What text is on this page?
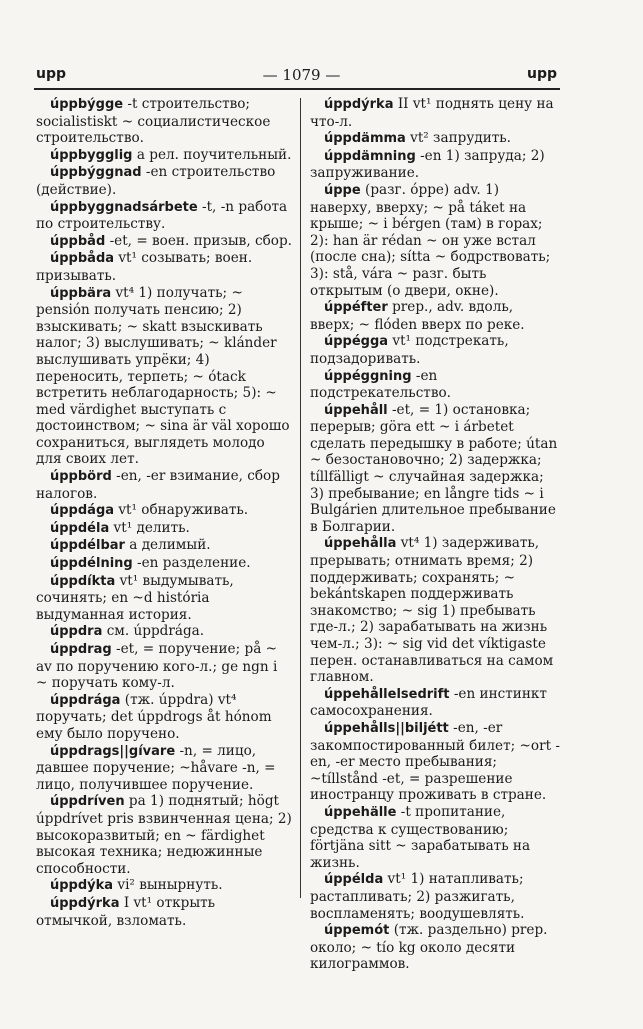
upp	— 1079 —	upp
úppbýgge -t строительство; socialistiskt ~ социалистическое строительство.
úppbygglig а рел. поучительный.
úppbýggnad -en строительство (действие).
úppbyggnadsárbete -t, -n работа по строительству.
úppbåd -et, = воен. призыв, сбор.
úppbåda vt¹ созывать; воен. призывать.
úppbära vt⁴ 1) получать; ~ pensión получать пенсию; 2) взыскивать; ~ skatt взыскивать налог; 3) выслушивать; ~ klánder выслушивать упрёки; 4) переносить, терпеть; ~ ótack встретить неблагодарность; 5): ~ med värdighet выступать с достоинством; ~ sina är väl хорошо сохраниться, выглядеть молодо для своих лет.
úppbörd -en, -er взимание, сбор налогов.
úppdága vt¹ обнаруживать.
úppdéla vt¹ делить.
úppdélbar а делимый.
úppdélning -en разделение.
úppdíkta vt¹ выдумывать, сочинять; en ~d história выдуманная история.
úppdra см. úppdrága.
úppdrag -et, = поручение; på ~ av по поручению кого-л.; ge ngn i ~ поручать кому-л.
úppdrága (тж. úppdra) vt⁴ поручать; det úppdrogs åt hónom ему было поручено.
úppdrags||gívare -n, = лицо, давшее поручение; ~håvare -n, = лицо, получившее поручение.
úppdríven pa 1) поднятый; högt úppdrívet pris взвинченная цена; 2) высокоразвитый; en ~ färdighet высокая техника; недюжинные способности.
úppdýka vi² вынырнуть.
úppdýrka I vt¹ открыть отмычкой, взломать.
úppdýrka II vt¹ поднять цену на что-л.
úppdämma vt² запрудить.
úppdämning -en 1) запруда; 2) запруживание.
úppe (разг. óppe) adv. 1) наверху, вверху; ~ på táket на крыше; ~ i bérgen (там) в горах; 2): han är rédan ~ он уже встал (после сна); sítta ~ бодрствовать; 3): stå, vára ~ разг. быть открытым (о двери, окне).
úppéfter prep., adv. вдоль, вверх; ~ flóden вверх по реке.
úppégga vt¹ подстрекать, подзадоривать.
úppéggning -en подстрекательство.
úppehåll -et, = 1) остановка; перерыв; göra ett ~ i árbetet сделать передышку в работе; útan ~ безостановочно; 2) задержка; tíllfälligt ~ случайная задержка; 3) пребывание; en långre tids ~ i Bulgárien длительное пребывание в Болгарии.
úppehålla vt⁴ 1) задерживать, прерывать; отнимать время; 2) поддерживать; сохранять; ~ bekántskapen поддерживать знакомство; ~ sig 1) пребывать где-л.; 2) зарабатывать на жизнь чем-л.; 3): ~ sig vid det víktigaste перен. останавливаться на самом главном.
úppehållelsedrift -en инстинкт самосохранения.
úppehålls||biljétt -en, -er закомпостированный билет; ~ort -en, -er место пребывания; ~tíllstånd -et, = разрешение иностранцу проживать в стране.
úppehälle -t пропитание, средства к существованию; förtjäna sitt ~ зарабатывать на жизнь.
úppélda vt¹ 1) натапливать; растапливать; 2) разжигать, воспламенять; воодушевлять.
úppemót (тж. раздельно) prep. около; ~ tío kg около десяти килограммов.
